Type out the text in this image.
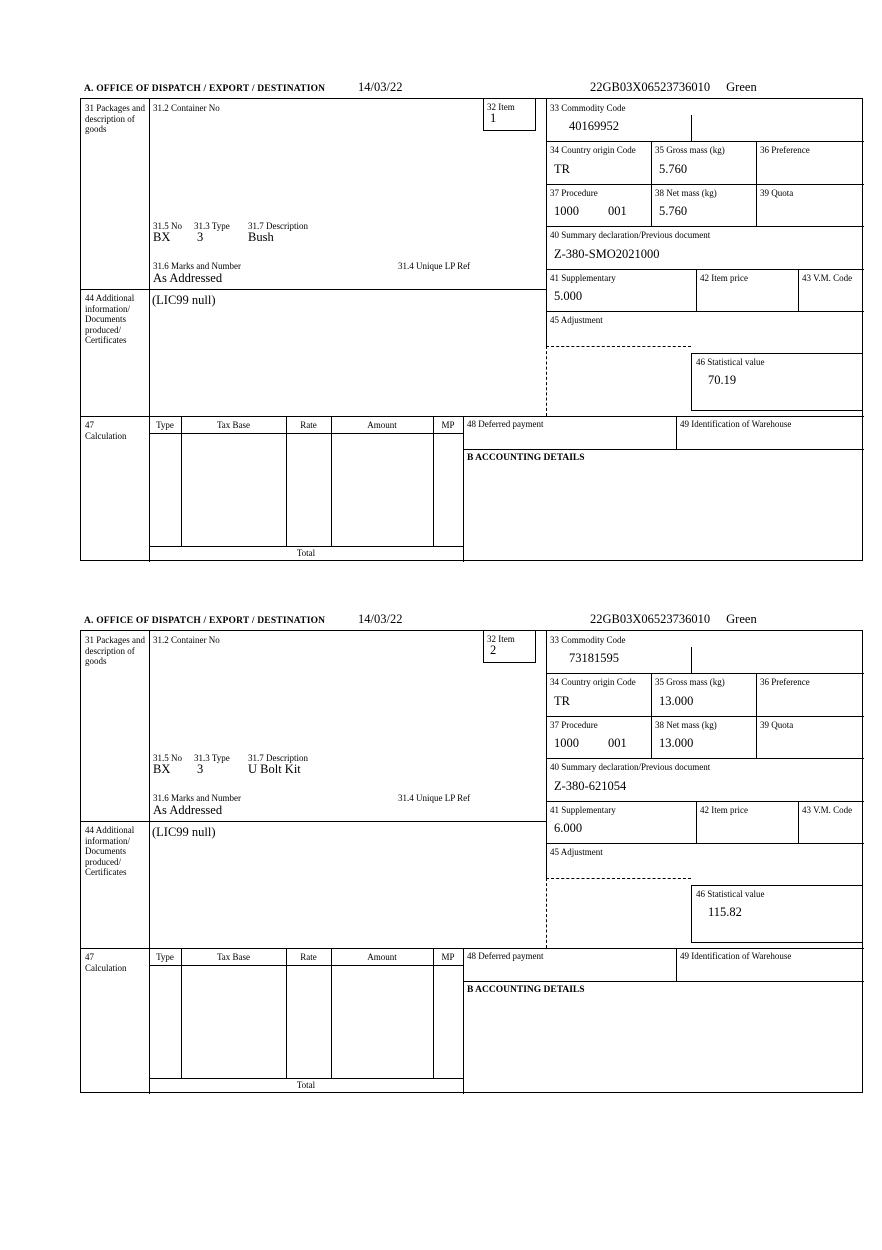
A. OFFICE OF DISPATCH / EXPORT / DESTINATION	14/03/22	22GB03X06523736010 Green
31 Packages and description of goods
31.2 Container No	32 Item
1
33 Commodity Code
40169952
34 Country origin Code
TR
35 Gross mass (kg)
5.760
36 Preference
37 Procedure
1000 001
38 Net mass (kg)
5.760
39 Quota
31.5 No 31.3 Type 31.7 Description
BX 3	Bush	40 Summary declaration/Previous document
Z-380-SMO2021000
31.6 Marks and Number	31.4 Unique LP Ref
As Addressed	41 Supplementary
5.000
42 Item price	43 V.M. Code
44 Additional information/ Documents produced/ Certificates
(LIC99 null)
45 Adjustment
46 Statistical value
70.19
47 Calculation
Type	Tax Base	Rate	Amount	MP	48 Deferred payment	49 Identification of Warehouse
B ACCOUNTING DETAILS
Total
A. OFFICE OF DISPATCH / EXPORT / DESTINATION	14/03/22	22GB03X06523736010 Green
31 Packages and description of goods
31.2 Container No	32 Item
2
33 Commodity Code
73181595
34 Country origin Code
TR
35 Gross mass (kg)
13.000
36 Preference
37 Procedure
1000 001
38 Net mass (kg)
13.000
39 Quota
31.5 No 31.3 Type 31.7 Description
BX 3	U Bolt Kit	40 Summary declaration/Previous document
Z-380-621054
31.6 Marks and Number	31.4 Unique LP Ref
As Addressed	41 Supplementary
6.000
42 Item price	43 V.M. Code
44 Additional information/ Documents produced/ Certificates
(LIC99 null)
45 Adjustment
46 Statistical value
115.82
47 Calculation
Type	Tax Base	Rate	Amount	MP	48 Deferred payment	49 Identification of Warehouse
B ACCOUNTING DETAILS
Total
